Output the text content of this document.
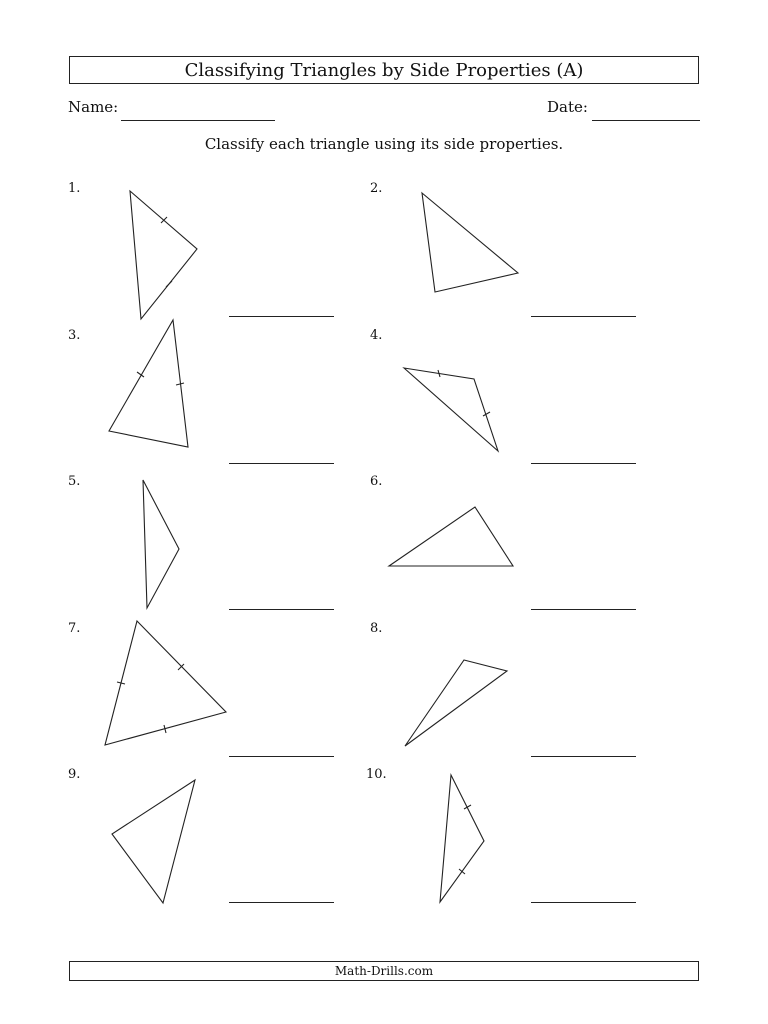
Classifying Triangles by Side Properties (A)
Name:	Date:
Classify each triangle using its side properties.
1.	2.
3.	4.
5.	6.
7.	8.
9.	10.
Math-Drills.com
